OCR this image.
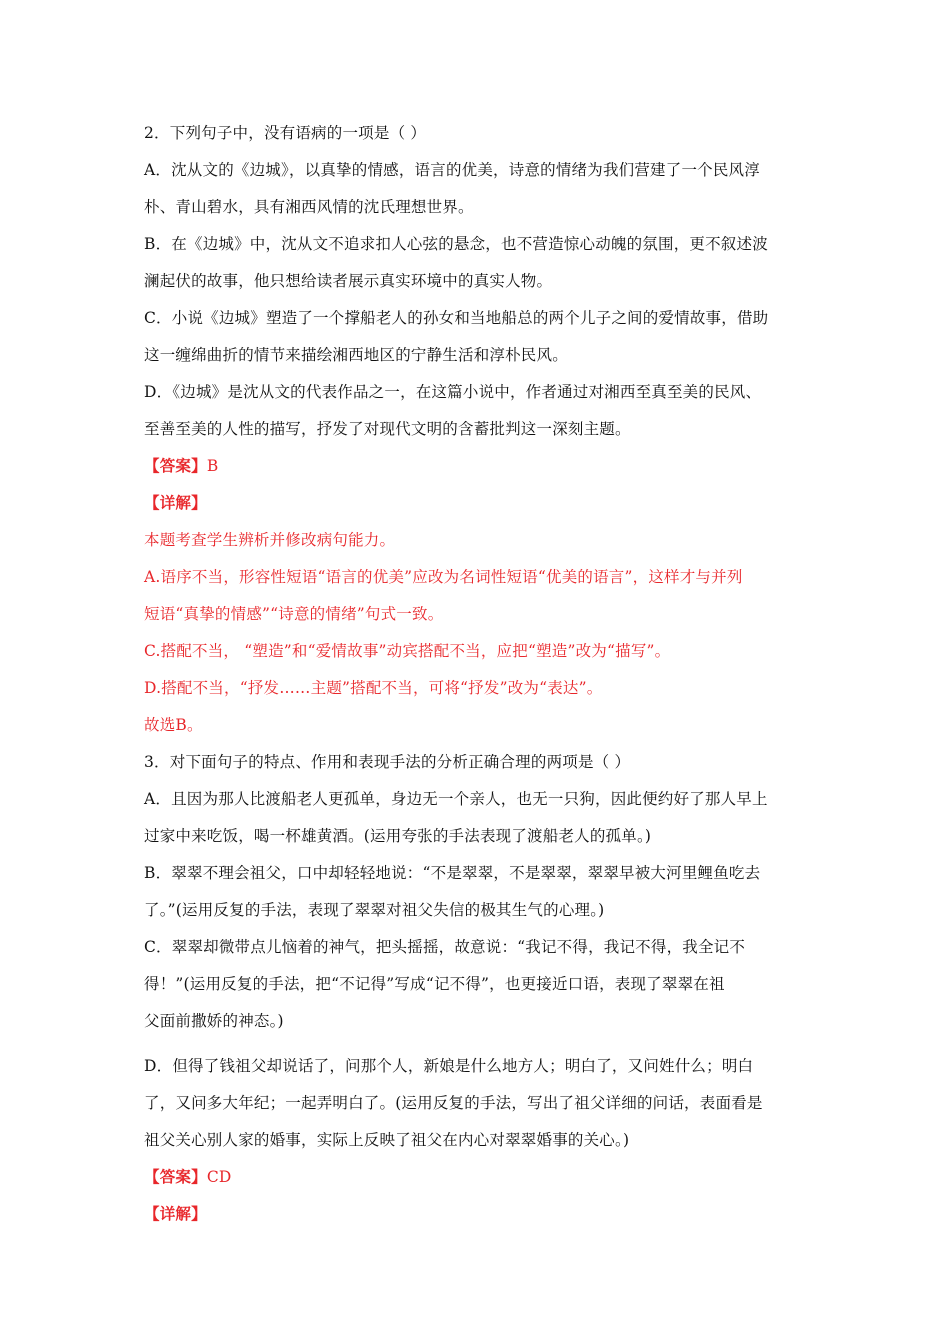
2．下列句子中，没有语病的一项是（ ）
A．沈从文的《边城》，以真挚的情感，语言的优美，诗意的情绪为我们营建了一个民风淳
朴、青山碧水，具有湘西风情的沈氏理想世界。
B．在《边城》中，沈从文不追求扣人心弦的悬念，也不营造惊心动魄的氛围，更不叙述波
澜起伏的故事，他只想给读者展示真实环境中的真实人物。
C．小说《边城》塑造了一个撑船老人的孙女和当地船总的两个儿子之间的爱情故事，借助
这一缠绵曲折的情节来描绘湘西地区的宁静生活和淳朴民风。
D．《边城》是沈从文的代表作品之一，在这篇小说中，作者通过对湘西至真至美的民风、
至善至美的人性的描写，抒发了对现代文明的含蓄批判这一深刻主题。
【答案】B
【详解】
本题考查学生辨析并修改病句能力。
A.语序不当，形容性短语“语言的优美”应改为名词性短语“优美的语言”，这样才与并列
短语“真挚的情感”“诗意的情绪”句式一致。
C.搭配不当， “塑造”和“爱情故事”动宾搭配不当，应把“塑造”改为“描写”。
D.搭配不当，“抒发……主题”搭配不当，可将“抒发”改为“表达”。
故选B。
3．对下面句子的特点、作用和表现手法的分析正确合理的两项是（ ）
A．且因为那人比渡船老人更孤单，身边无一个亲人，也无一只狗，因此便约好了那人早上
过家中来吃饭，喝一杯雄黄酒。(运用夸张的手法表现了渡船老人的孤单。)
B．翠翠不理会祖父，口中却轻轻地说：“不是翠翠，不是翠翠，翠翠早被大河里鲤鱼吃去
了。”(运用反复的手法，表现了翠翠对祖父失信的极其生气的心理。)
C．翠翠却微带点儿恼着的神气，把头摇摇，故意说：“我记不得，我记不得，我全记不
得！”(运用反复的手法，把“不记得”写成“记不得”，也更接近口语，表现了翠翠在祖
父面前撒娇的神态。)
D．但得了钱祖父却说话了，问那个人，新娘是什么地方人；明白了，又问姓什么；明白
了，又问多大年纪；一起弄明白了。(运用反复的手法，写出了祖父详细的问话，表面看是
祖父关心别人家的婚事，实际上反映了祖父在内心对翠翠婚事的关心。)
【答案】CD
【详解】
